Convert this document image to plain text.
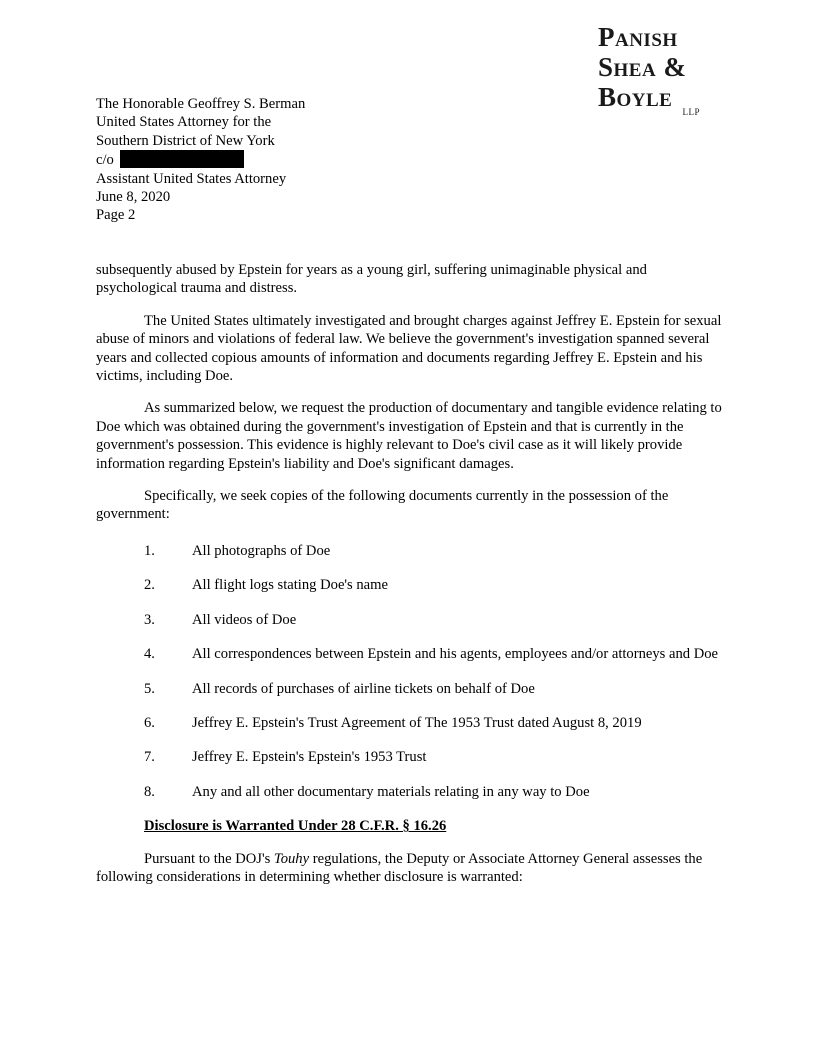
Panish
Shea &
Boyle	LLP
The Honorable Geoffrey S. Berman
United States Attorney for the
Southern District of New York
c/o
Assistant United States Attorney
June 8, 2020
Page 2

subsequently abused by Epstein for years as a young girl, suffering unimaginable physical and psychological trauma and distress.

The United States ultimately investigated and brought charges against Jeffrey E. Epstein for sexual abuse of minors and violations of federal law. We believe the government's investigation spanned several years and collected copious amounts of information and documents regarding Jeffrey E. Epstein and his victims, including Doe.

As summarized below, we request the production of documentary and tangible evidence relating to Doe which was obtained during the government's investigation of Epstein and that is currently in the government's possession. This evidence is highly relevant to Doe's civil case as it will likely provide information regarding Epstein's liability and Doe's significant damages.

Specifically, we seek copies of the following documents currently in the possession of the government:

1.	All photographs of Doe
2.	All flight logs stating Doe's name
3.	All videos of Doe
4.	All correspondences between Epstein and his agents, employees and/or attorneys and Doe
5.	All records of purchases of airline tickets on behalf of Doe
6.	Jeffrey E. Epstein's Trust Agreement of The 1953 Trust dated August 8, 2019
7.	Jeffrey E. Epstein's Epstein's 1953 Trust
8.	Any and all other documentary materials relating in any way to Doe
Disclosure is Warranted Under 28 C.F.R. § 16.26

Pursuant to the DOJ's Touhy regulations, the Deputy or Associate Attorney General assesses the following considerations in determining whether disclosure is warranted:
